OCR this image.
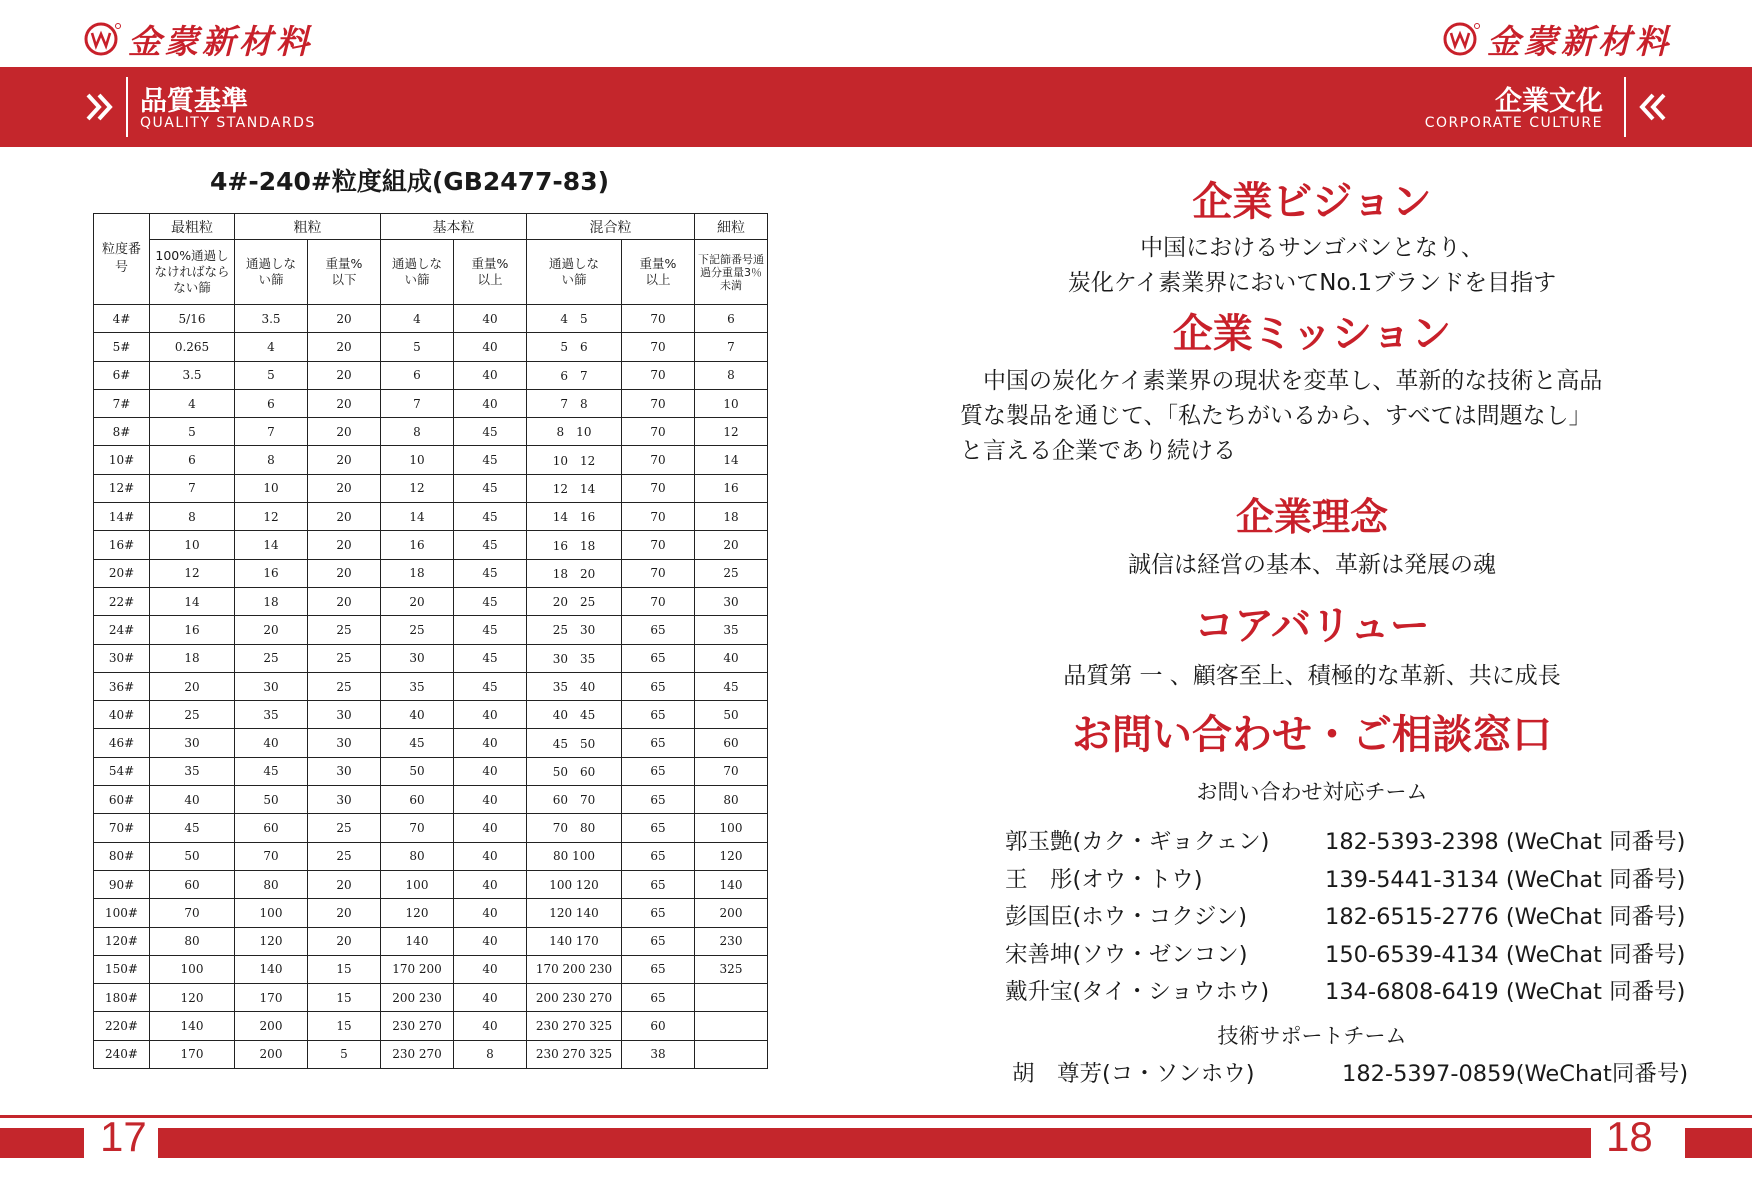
金蒙新材料	金蒙新材料
品質基準
QUALITY STANDARDS
企業文化
CORPORATE CULTURE
4#-240#粒度組成(GB2477-83)
粒度番号	最粗粒	粗粒		基本粒		混合粒		細粒
	100%通過しなければならない篩	通過しない篩	重量%以下	通過しない篩	重量%以上	通過しない篩	重量%以上	下記篩番号通過分重量3％未満
4#	5/16	3.5	20	4	40	4　5	70	6
5#	0.265	4	20	5	40	5　6	70	7
6#	3.5	5	20	6	40	6　7	70	8
7#	4	6	20	7	40	7　8	70	10
8#	5	7	20	8	45	8　10	70	12
10#	6	8	20	10	45	10　12	70	14
12#	7	10	20	12	45	12　14	70	16
14#	8	12	20	14	45	14　16	70	18
16#	10	14	20	16	45	16　18	70	20
20#	12	16	20	18	45	18　20	70	25
22#	14	18	20	20	45	20　25	70	30
24#	16	20	25	25	45	25　30	65	35
30#	18	25	25	30	45	30　35	65	40
36#	20	30	25	35	45	35　40	65	45
40#	25	35	30	40	40	40　45	65	50
46#	30	40	30	45	40	45　50	65	60
54#	35	45	30	50	40	50　60	65	70
60#	40	50	30	60	40	60　70	65	80
70#	45	60	25	70	40	70　80	65	100
80#	50	70	25	80	40	80 100	65	120
90#	60	80	20	100	40	100 120	65	140
100#	70	100	20	120	40	120 140	65	200
120#	80	120	20	140	40	140 170	65	230
150#	100	140	15	170 200	40	170 200 230	65	325
180#	120	170	15	200 230	40	200 230 270	65	
220#	140	200	15	230 270	40	230 270 325	60	
240#	170	200	5	230 270	8	230 270 325	38	
企業ビジョン
中国におけるサンゴバンとなり、
炭化ケイ素業界においてNo.1ブランドを目指す
企業ミッション
　中国の炭化ケイ素業界の現状を変革し、革新的な技術と高品
質な製品を通じて、「私たちがいるから、すべては問題なし」
と言える企業であり続ける
企業理念
誠信は経営の基本、革新は発展の魂
コアバリュー
品質第 一 、顧客至上、積極的な革新、共に成長
お問い合わせ・ご相談窓口
お問い合わせ対応チーム
郭玉艶(カク・ギョクェン) 182-5393-2398 (WeChat 同番号)
王　彤(オウ・トウ)	139-5441-3134 (WeChat 同番号)
彭国臣(ホウ・コクジン)	182-6515-2776 (WeChat 同番号)
宋善坤(ソウ・ゼンコン)	150-6539-4134 (WeChat 同番号)
戴升宝(タイ・ショウホウ) 134-6808-6419 (WeChat 同番号)
技術サポートチーム
胡　尊芳(コ・ソンホウ)	182-5397-0859(WeChat同番号)
17	18
